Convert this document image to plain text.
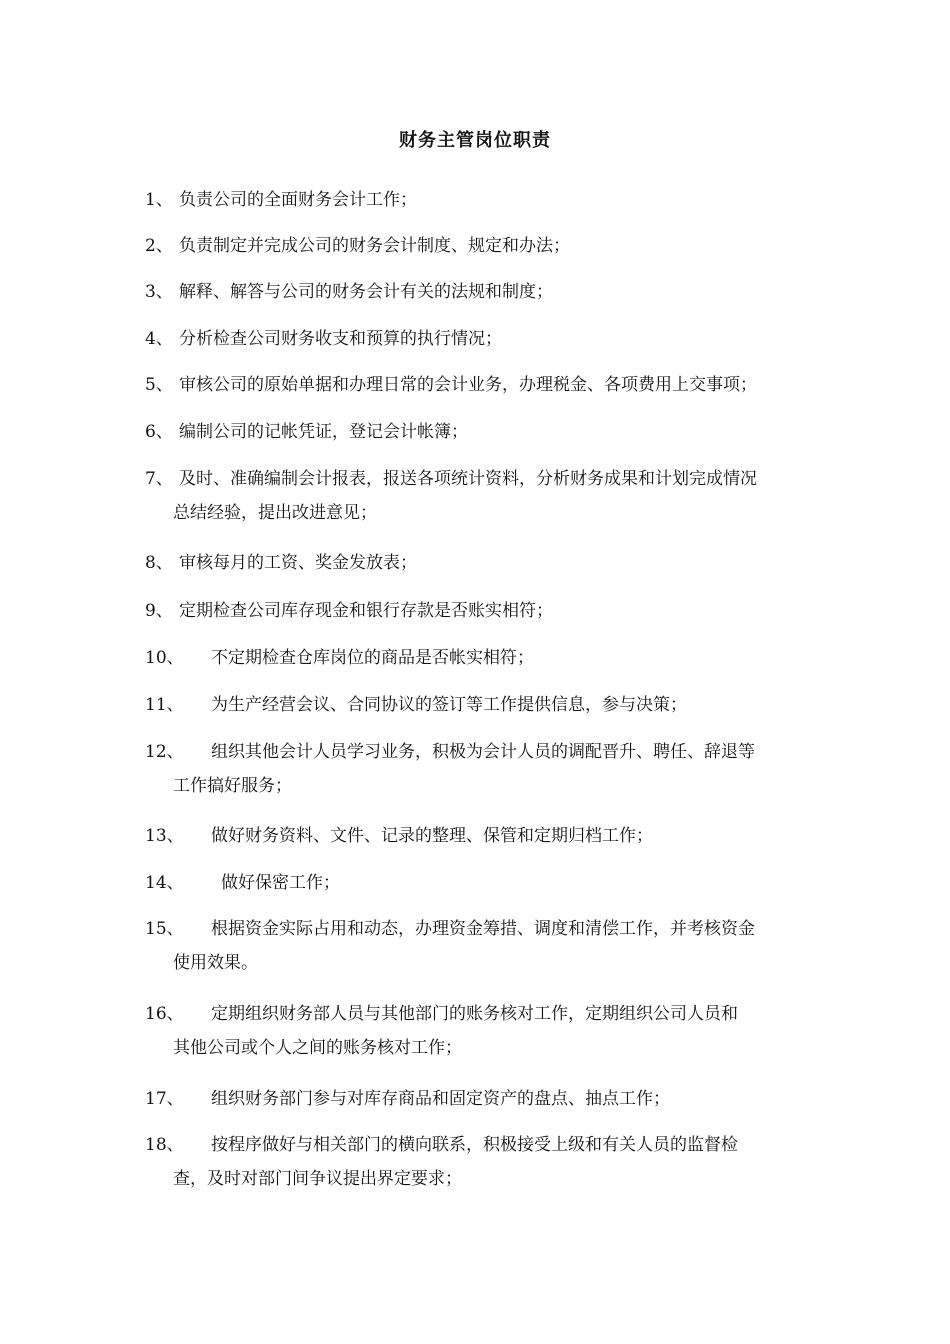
财务主管岗位职责
1、 负责公司的全面财务会计工作；
2、 负责制定并完成公司的财务会计制度、规定和办法；
3、 解释、解答与公司的财务会计有关的法规和制度；
4、 分析检查公司财务收支和预算的执行情况；
5、 审核公司的原始单据和办理日常的会计业务，办理税金、各项费用上交事项；
6、 编制公司的记帐凭证，登记会计帐簿；
7、 及时、准确编制会计报表，报送各项统计资料，分析财务成果和计划完成情况
总结经验，提出改进意见；
8、 审核每月的工资、奖金发放表；
9、 定期检查公司库存现金和银行存款是否账实相符；
10、 不定期检查仓库岗位的商品是否帐实相符；
11、 为生产经营会议、合同协议的签订等工作提供信息，参与决策；
12、 组织其他会计人员学习业务，积极为会计人员的调配晋升、聘任、辞退等
工作搞好服务；
13、 做好财务资料、文件、记录的整理、保管和定期归档工作；
14、 做好保密工作；
15、 根据资金实际占用和动态，办理资金筹措、调度和清偿工作，并考核资金
使用效果。
16、 定期组织财务部人员与其他部门的账务核对工作，定期组织公司人员和
其他公司或个人之间的账务核对工作；
17、 组织财务部门参与对库存商品和固定资产的盘点、抽点工作；
18、 按程序做好与相关部门的横向联系，积极接受上级和有关人员的监督检
查，及时对部门间争议提出界定要求；
